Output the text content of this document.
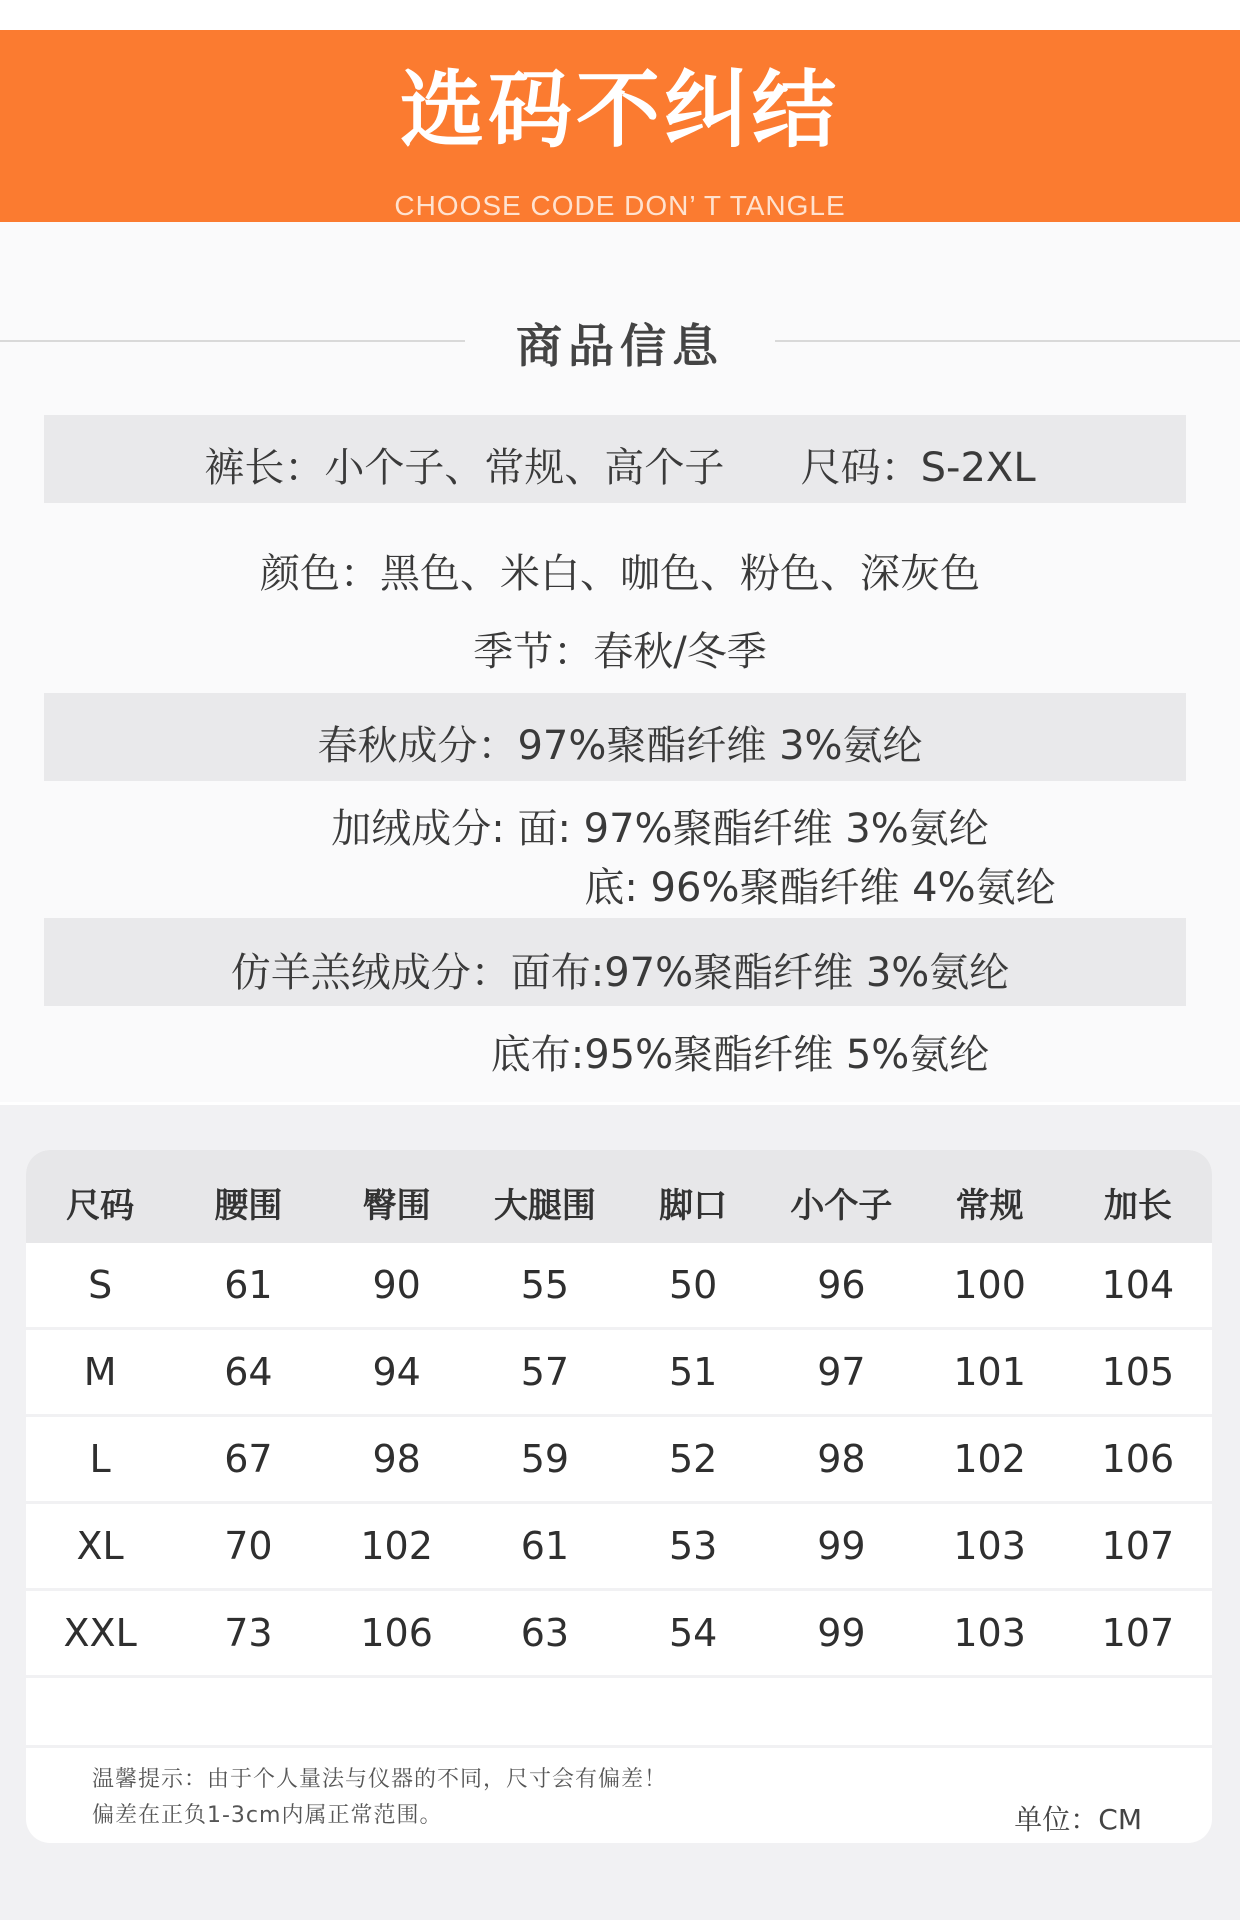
选码不纠结
CHOOSE CODE DON’ T TANGLE
商品信息
裤长：小个子、常规、高个子      尺码：S-2XL
颜色：黑色、米白、咖色、粉色、深灰色
季节：春秋/冬季
春秋成分：97%聚酯纤维 3%氨纶
加绒成分: 面: 97%聚酯纤维 3%氨纶
底: 96%聚酯纤维 4%氨纶
仿羊羔绒成分：面布:97%聚酯纤维 3%氨纶
底布:95%聚酯纤维 5%氨纶
尺码	腰围	臀围	大腿围	脚口	小个子	常规	加长
S	61	90	55	50	96	100	104
M	64	94	57	51	97	101	105
L	67	98	59	52	98	102	106
XL	70	102	61	53	99	103	107
XXL	73	106	63	54	99	103	107
温馨提示：由于个人量法与仪器的不同，尺寸会有偏差！
偏差在正负1-3cm内属正常范围。	单位：CM
